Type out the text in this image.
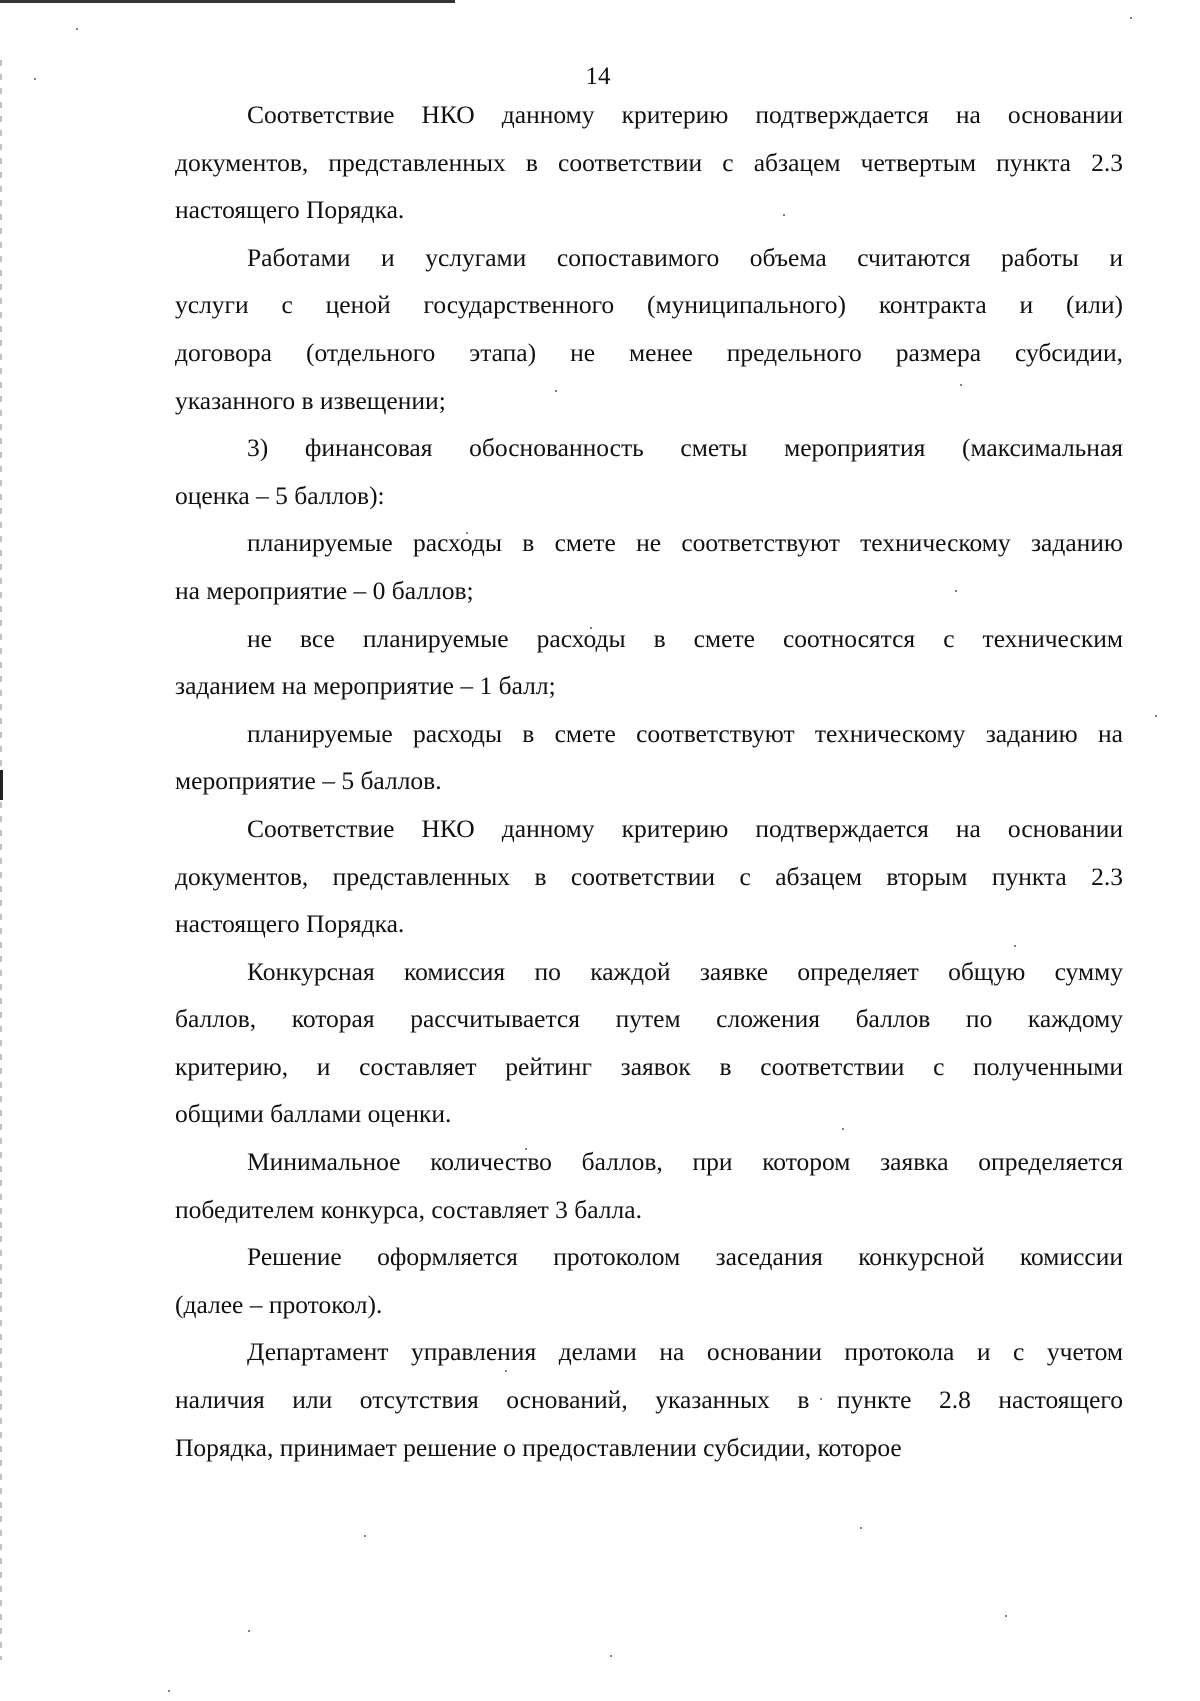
14
Соответствие НКО данному критерию подтверждается на основании
документов, представленных в соответствии с абзацем четвертым пункта 2.3
настоящего Порядка.
Работами и услугами сопоставимого объема считаются работы и
услуги с ценой государственного (муниципального) контракта и (или)
договора (отдельного этапа) не менее предельного размера субсидии,
указанного в извещении;
3) финансовая обоснованность сметы мероприятия (максимальная
оценка – 5 баллов):
планируемые расходы в смете не соответствуют техническому заданию
на мероприятие – 0 баллов;
не все планируемые расходы в смете соотносятся с техническим
заданием на мероприятие – 1 балл;
планируемые расходы в смете соответствуют техническому заданию на
мероприятие – 5 баллов.
Соответствие НКО данному критерию подтверждается на основании
документов, представленных в соответствии с абзацем вторым пункта 2.3
настоящего Порядка.
Конкурсная комиссия по каждой заявке определяет общую сумму
баллов, которая рассчитывается путем сложения баллов по каждому
критерию, и составляет рейтинг заявок в соответствии с полученными
общими баллами оценки.
Минимальное количество баллов, при котором заявка определяется
победителем конкурса, составляет 3 балла.
Решение оформляется протоколом заседания конкурсной комиссии
(далее – протокол).
Департамент управления делами на основании протокола и с учетом
наличия или отсутствия оснований, указанных в пункте 2.8 настоящего
Порядка, принимает решение о предоставлении субсидии, которое
